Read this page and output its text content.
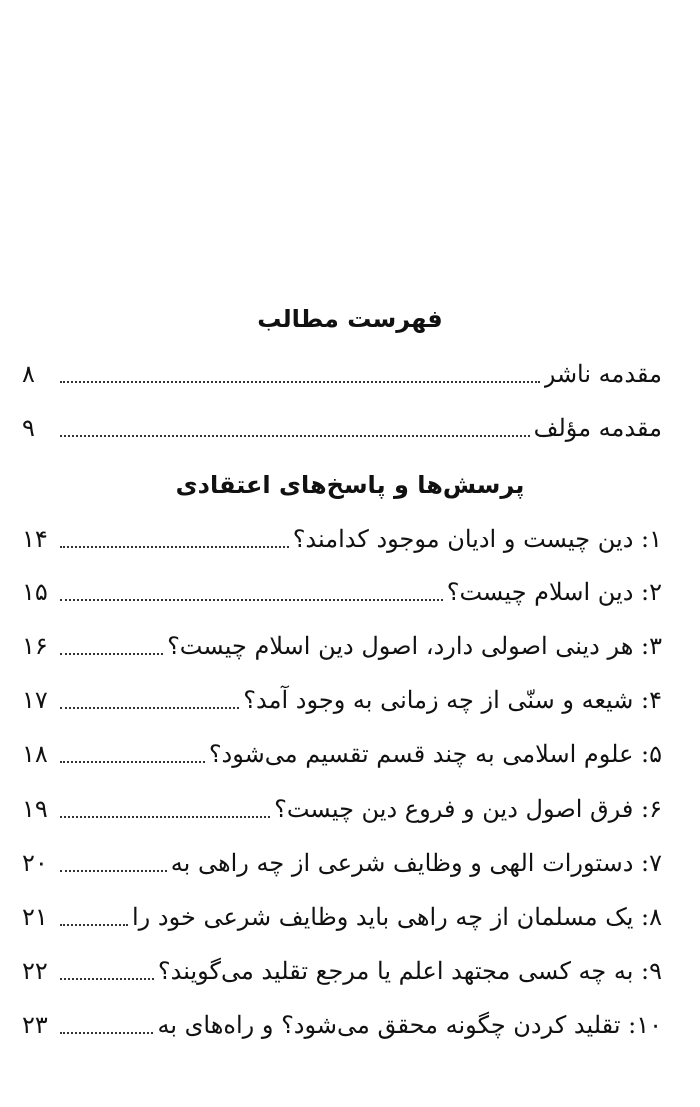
فهرست مطالب
مقدمه ناشر
۸
مقدمه مؤلف
۹
پرسش‌ها و پاسخ‌های اعتقادی
۱: دین چیست و ادیان موجود کدامند؟
۱۴
۲: دین اسلام چیست؟
۱۵
۳: هر دینی اصولی دارد، اصول دین اسلام چیست؟
۱۶
۴: شیعه و سنّی از چه زمانی به وجود آمد؟
۱۷
۵: علوم اسلامی به چند قسم تقسیم می‌شود؟
۱۸
۶: فرق اصول دین و فروع دین چیست؟
۱۹
۷: دستورات الهی و وظایف شرعی از چه راهی به
۲۰
۸: یک مسلمان از چه راهی باید وظایف شرعی خود را
۲۱
۹: به چه کسی مجتهد اعلم یا مرجع تقلید می‌گویند؟
۲۲
۱۰: تقلید کردن چگونه محقق می‌شود؟ و راه‌های به
۲۳
